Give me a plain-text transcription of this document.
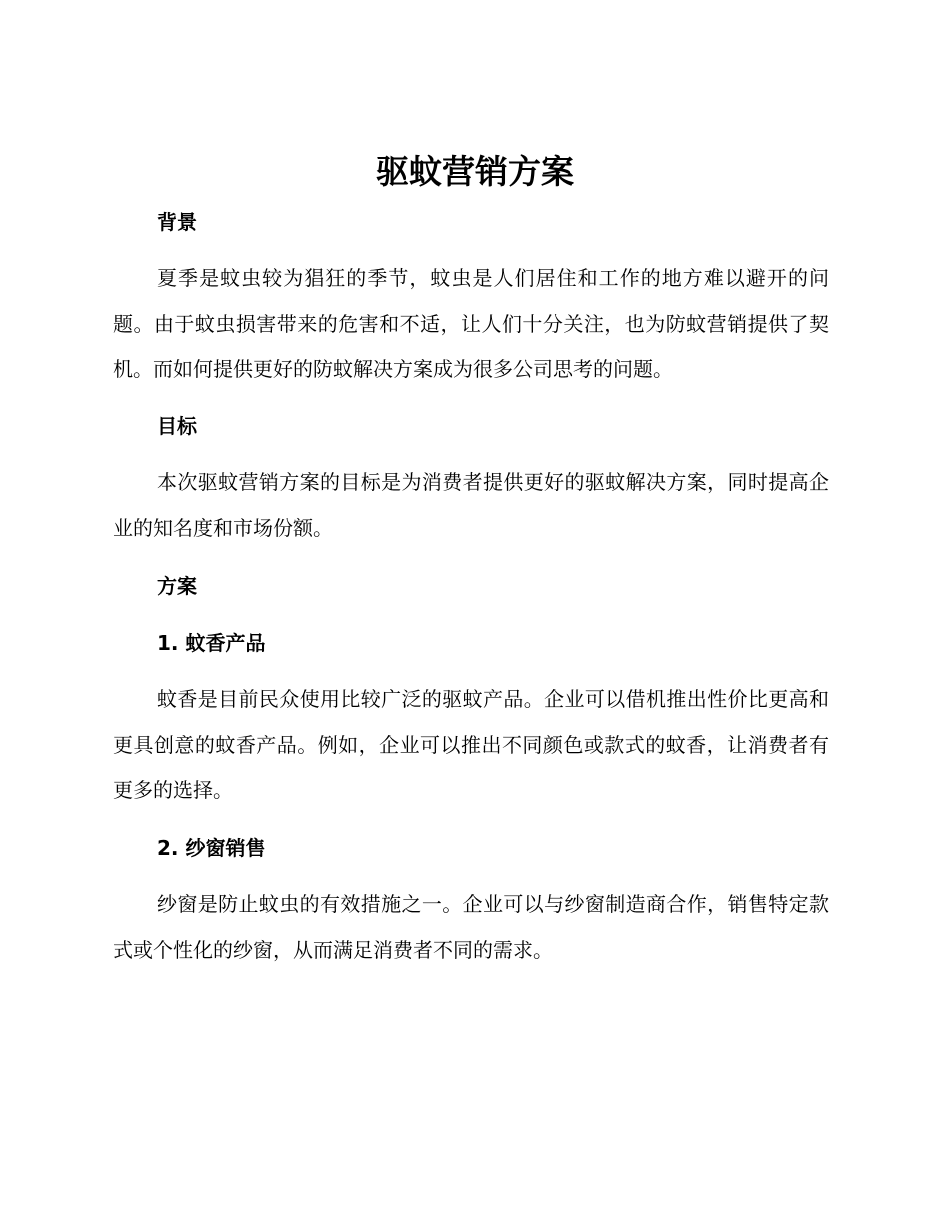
驱蚊营销方案
背景

夏季是蚊虫较为猖狂的季节，蚊虫是人们居住和工作的地方难以避开的问题。由于蚊虫损害带来的危害和不适，让人们十分关注，也为防蚊营销提供了契机。而如何提供更好的防蚊解决方案成为很多公司思考的问题。

目标

本次驱蚊营销方案的目标是为消费者提供更好的驱蚊解决方案，同时提高企业的知名度和市场份额。

方案
1. 蚊香产品

蚊香是目前民众使用比较广泛的驱蚊产品。企业可以借机推出性价比更高和更具创意的蚊香产品。例如，企业可以推出不同颜色或款式的蚊香，让消费者有更多的选择。

2. 纱窗销售

纱窗是防止蚊虫的有效措施之一。企业可以与纱窗制造商合作，销售特定款式或个性化的纱窗，从而满足消费者不同的需求。
